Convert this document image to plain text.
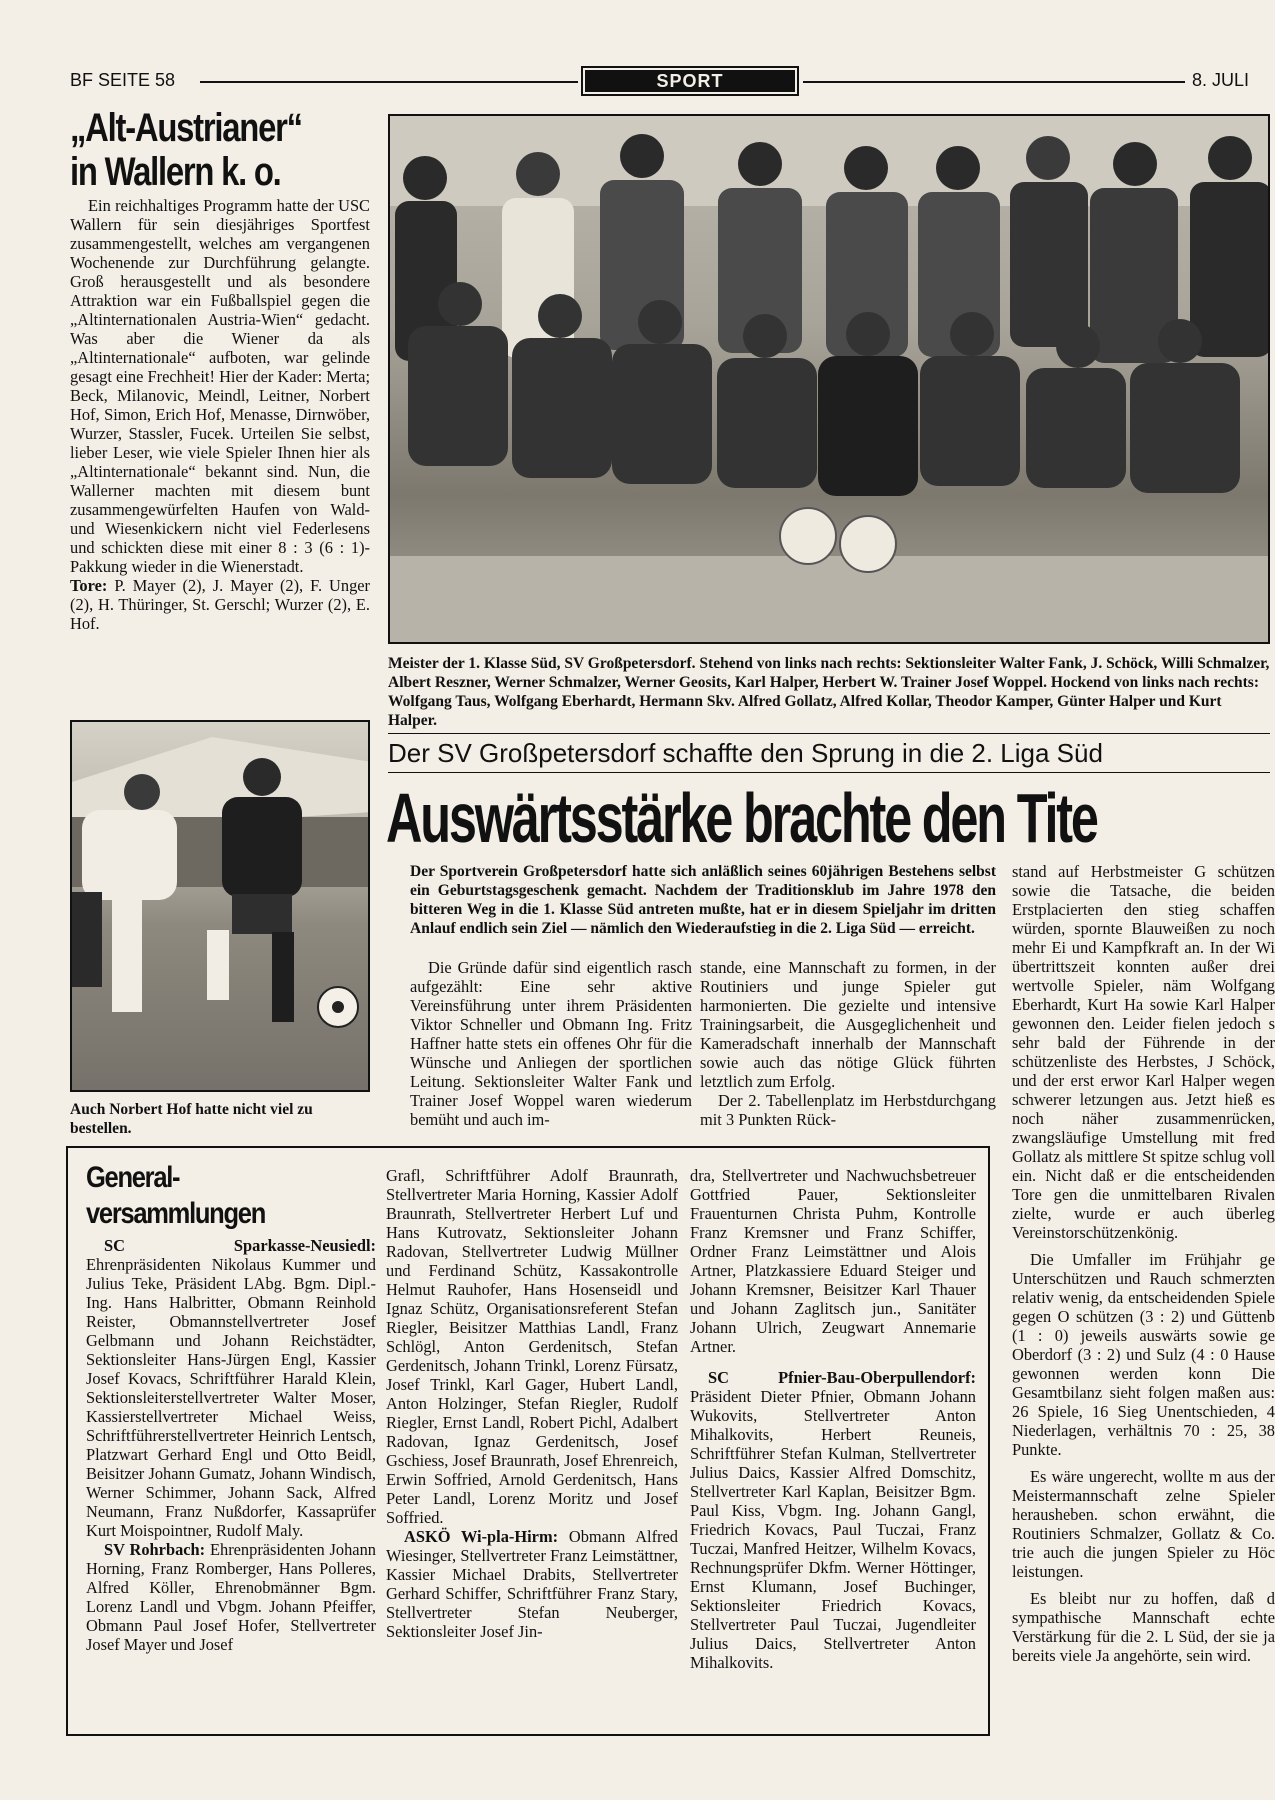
BF SEITE 58	SPORT	8. JULI
„Alt-Austrianer“
in Wallern k. o.

Ein reichhaltiges Programm hatte der USC Wallern für sein diesjähriges Sportfest zusammengestellt, welches am vergangenen Wochenende zur Durchführung gelangte. Groß herausgestellt und als besondere Attraktion war ein Fußballspiel gegen die „Altinternationalen Austria-Wien“ gedacht. Was aber die Wiener da als „Altinternationale“ aufboten, war gelinde gesagt eine Frechheit! Hier der Kader: Merta; Beck, Milanovic, Meindl, Leitner, Norbert Hof, Simon, Erich Hof, Menasse, Dirnwöber, Wurzer, Stassler, Fucek. Urteilen Sie selbst, lieber Leser, wie viele Spieler Ihnen hier als „Altinternationale“ bekannt sind. Nun, die Wallerner machten mit diesem bunt zusammengewürfelten Haufen von Wald- und Wiesenkickern nicht viel Federlesens und schickten diese mit einer 8 : 3 (6 : 1)-Pakkung wieder in die Wienerstadt.

Tore: P. Mayer (2), J. Mayer (2), F. Unger (2), H. Thüringer, St. Gerschl; Wurzer (2), E. Hof.

Meister der 1. Klasse Süd, SV Großpetersdorf. Stehend von links nach rechts: Sektionsleiter Walter Fank, J. Schöck, Willi Schmalzer, Albert Reszner, Werner Schmalzer, Werner Geosits, Karl Halper, Herbert W. Trainer Josef Woppel. Hockend von links nach rechts: Wolfgang Taus, Wolfgang Eberhardt, Hermann Skv. Alfred Gollatz, Alfred Kollar, Theodor Kamper, Günter Halper und Kurt Halper.
Auch Norbert Hof hatte nicht viel zu bestellen.
Der SV Großpetersdorf schaffte den Sprung in die 2. Liga Süd
Auswärtsstärke brachte den Tite

Der Sportverein Großpetersdorf hatte sich anläßlich seines 60jährigen Bestehens selbst ein Geburtstagsgeschenk gemacht. Nachdem der Traditionsklub im Jahre 1978 den bitteren Weg in die 1. Klasse Süd antreten mußte, hat er in diesem Spieljahr im dritten Anlauf endlich sein Ziel — nämlich den Wiederaufstieg in die 2. Liga Süd — erreicht.

Die Gründe dafür sind eigentlich rasch aufgezählt: Eine sehr aktive Vereinsführung unter ihrem Präsidenten Viktor Schneller und Obmann Ing. Fritz Haffner hatte stets ein offenes Ohr für die Wünsche und Anliegen der sportlichen Leitung. Sektionsleiter Walter Fank und Trainer Josef Woppel waren wiederum bemüht und auch im-

stande, eine Mannschaft zu formen, in der Routiniers und junge Spieler gut harmonierten. Die gezielte und intensive Trainingsarbeit, die Ausgeglichenheit und Kameradschaft innerhalb der Mannschaft sowie auch das nötige Glück führten letztlich zum Erfolg.

Der 2. Tabellenplatz im Herbstdurchgang mit 3 Punkten Rück-

stand auf Herbstmeister G schützen sowie die Tatsache, die beiden Erstplacierten den stieg schaffen würden, spornte Blauweißen zu noch mehr Ei und Kampfkraft an. In der Wi übertrittszeit konnten außer drei wertvolle Spieler, näm Wolfgang Eberhardt, Kurt Ha sowie Karl Halper gewonnen den. Leider fielen jedoch s sehr bald der Führende in der schützenliste des Herbstes, J Schöck, und der erst erwor Karl Halper wegen schwerer letzungen aus. Jetzt hieß es noch näher zusammenrücken, zwangsläufige Umstellung mit fred Gollatz als mittlere St spitze schlug voll ein. Nicht daß er die entscheidenden Tore gen die unmittelbaren Rivalen zielte, wurde er auch überleg Vereinstorschützenkönig.

Die Umfaller im Frühjahr ge Unterschützen und Rauch schmerzten relativ wenig, da entscheidenden Spiele gegen O schützen (3 : 2) und Güttenb (1 : 0) jeweils auswärts sowie ge Oberdorf (3 : 2) und Sulz (4 : 0 Hause gewonnen werden konn Die Gesamtbilanz sieht folgen maßen aus: 26 Spiele, 16 Sieg Unentschieden, 4 Niederlagen, verhältnis 70 : 25, 38 Punkte.

Es wäre ungerecht, wollte m aus der Meistermannschaft zelne Spieler herausheben. schon erwähnt, die Routiniers Schmalzer, Gollatz & Co. trie auch die jungen Spieler zu Höc leistungen.

Es bleibt nur zu hoffen, daß d sympathische Mannschaft echte Verstärkung für die 2. L Süd, der sie ja bereits viele Ja angehörte, sein wird.

General-
versammlungen

SC Sparkasse-Neusiedl: Ehrenpräsidenten Nikolaus Kummer und Julius Teke, Präsident LAbg. Bgm. Dipl.-Ing. Hans Halbritter, Obmann Reinhold Reister, Obmannstellvertreter Josef Gelbmann und Johann Reichstädter, Sektionsleiter Hans-Jürgen Engl, Kassier Josef Kovacs, Schriftführer Harald Klein, Sektionsleiterstellvertreter Walter Moser, Kassierstellvertreter Michael Weiss, Schriftführerstellvertreter Heinrich Lentsch, Platzwart Gerhard Engl und Otto Beidl, Beisitzer Johann Gumatz, Johann Windisch, Werner Schimmer, Johann Sack, Alfred Neumann, Franz Nußdorfer, Kassaprüfer Kurt Moispointner, Rudolf Maly.

SV Rohrbach: Ehrenpräsidenten Johann Horning, Franz Romberger, Hans Polleres, Alfred Köller, Ehrenobmänner Bgm. Lorenz Landl und Vbgm. Johann Pfeiffer, Obmann Paul Josef Hofer, Stellvertreter Josef Mayer und Josef

Grafl, Schriftführer Adolf Braunrath, Stellvertreter Maria Horning, Kassier Adolf Braunrath, Stellvertreter Herbert Luf und Hans Kutrovatz, Sektionsleiter Johann Radovan, Stellvertreter Ludwig Müllner und Ferdinand Schütz, Kassakontrolle Helmut Rauhofer, Hans Hosenseidl und Ignaz Schütz, Organisationsreferent Stefan Riegler, Beisitzer Matthias Landl, Franz Schlögl, Anton Gerdenitsch, Stefan Gerdenitsch, Johann Trinkl, Lorenz Fürsatz, Josef Trinkl, Karl Gager, Hubert Landl, Anton Holzinger, Stefan Riegler, Rudolf Riegler, Ernst Landl, Robert Pichl, Adalbert Radovan, Ignaz Gerdenitsch, Josef Gschiess, Josef Braunrath, Josef Ehrenreich, Erwin Soffried, Arnold Gerdenitsch, Hans Peter Landl, Lorenz Moritz und Josef Soffried.

ASKÖ Wi-pla-Hirm: Obmann Alfred Wiesinger, Stellvertreter Franz Leimstättner, Kassier Michael Drabits, Stellvertreter Gerhard Schiffer, Schriftführer Franz Stary, Stellvertreter Stefan Neuberger, Sektionsleiter Josef Jin-

dra, Stellvertreter und Nachwuchsbetreuer Gottfried Pauer, Sektionsleiter Frauenturnen Christa Puhm, Kontrolle Franz Kremsner und Franz Schiffer, Ordner Franz Leimstättner und Alois Artner, Platzkassiere Eduard Steiger und Johann Kremsner, Beisitzer Karl Thauer und Johann Zaglitsch jun., Sanitäter Johann Ulrich, Zeugwart Annemarie Artner.

SC Pfnier-Bau-Oberpullendorf: Präsident Dieter Pfnier, Obmann Johann Wukovits, Stellvertreter Anton Mihalkovits, Herbert Reuneis, Schriftführer Stefan Kulman, Stellvertreter Julius Daics, Kassier Alfred Domschitz, Stellvertreter Karl Kaplan, Beisitzer Bgm. Paul Kiss, Vbgm. Ing. Johann Gangl, Friedrich Kovacs, Paul Tuczai, Franz Tuczai, Manfred Heitzer, Wilhelm Kovacs, Rechnungsprüfer Dkfm. Werner Höttinger, Ernst Klumann, Josef Buchinger, Sektionsleiter Friedrich Kovacs, Stellvertreter Paul Tuczai, Jugendleiter Julius Daics, Stellvertreter Anton Mihalkovits.
